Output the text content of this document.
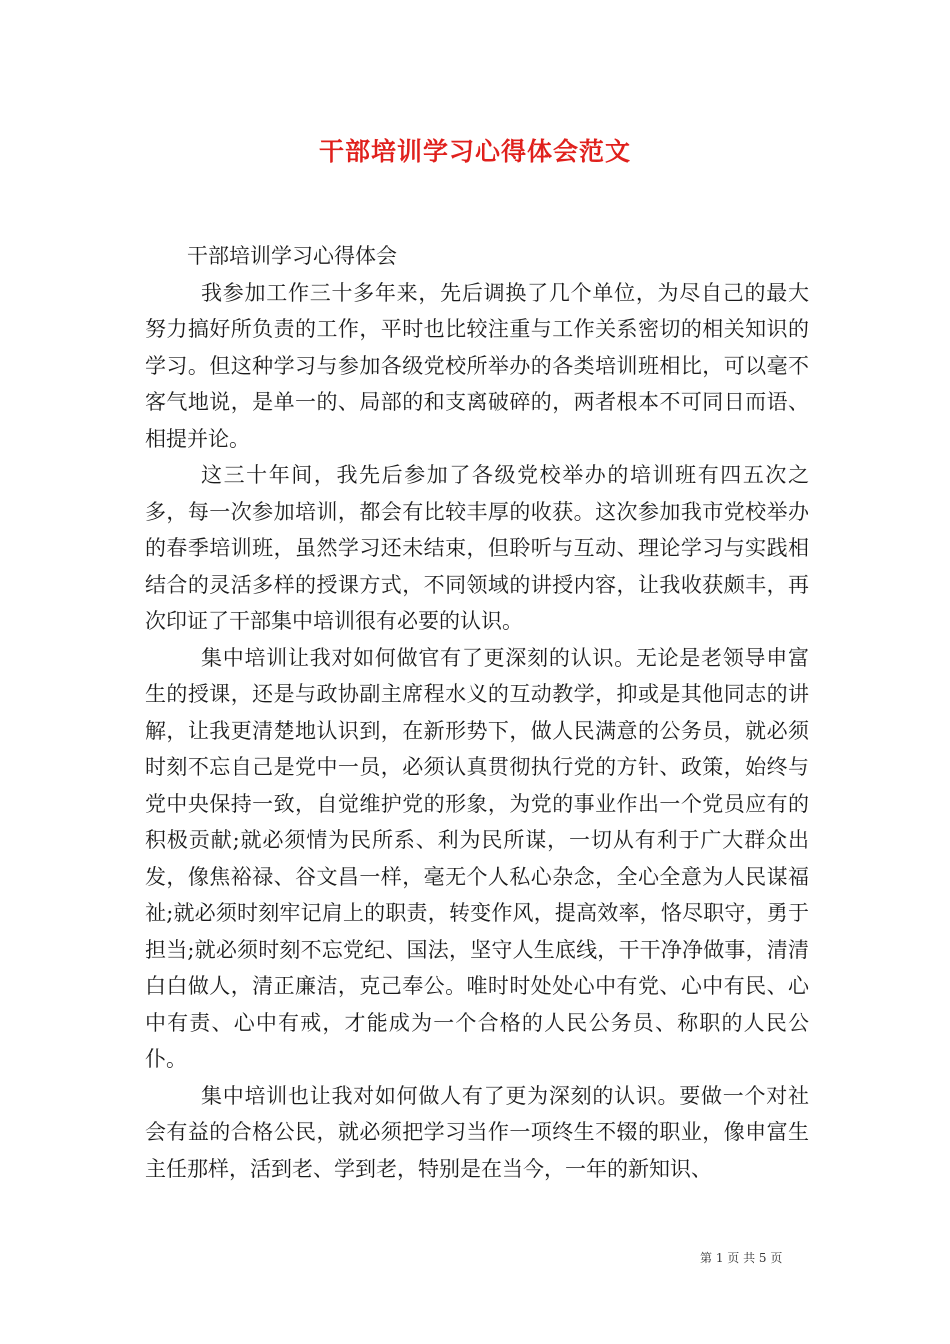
干部培训学习心得体会范文

干部培训学习心得体会

我参加工作三十多年来，先后调换了几个单位，为尽自己的最大努力搞好所负责的工作，平时也比较注重与工作关系密切的相关知识的学习。但这种学习与参加各级党校所举办的各类培训班相比，可以毫不客气地说，是单一的、局部的和支离破碎的，两者根本不可同日而语、相提并论。

这三十年间，我先后参加了各级党校举办的培训班有四五次之多，每一次参加培训，都会有比较丰厚的收获。这次参加我市党校举办的春季培训班，虽然学习还未结束，但聆听与互动、理论学习与实践相结合的灵活多样的授课方式，不同领域的讲授内容，让我收获颇丰，再次印证了干部集中培训很有必要的认识。

集中培训让我对如何做官有了更深刻的认识。无论是老领导申富生的授课，还是与政协副主席程水义的互动教学，抑或是其他同志的讲解，让我更清楚地认识到，在新形势下，做人民满意的公务员，就必须时刻不忘自己是党中一员，必须认真贯彻执行党的方针、政策，始终与党中央保持一致，自觉维护党的形象，为党的事业作出一个党员应有的积极贡献;就必须情为民所系、利为民所谋，一切从有利于广大群众出发，像焦裕禄、谷文昌一样，毫无个人私心杂念，全心全意为人民谋福祉;就必须时刻牢记肩上的职责，转变作风，提高效率，恪尽职守，勇于担当;就必须时刻不忘党纪、国法，坚守人生底线，干干净净做事，清清白白做人，清正廉洁，克己奉公。唯时时处处心中有党、心中有民、心中有责、心中有戒，才能成为一个合格的人民公务员、称职的人民公仆。

集中培训也让我对如何做人有了更为深刻的认识。要做一个对社会有益的合格公民，就必须把学习当作一项终生不辍的职业，像申富生主任那样，活到老、学到老，特别是在当今，一年的新知识、

第 1 页 共 5 页
